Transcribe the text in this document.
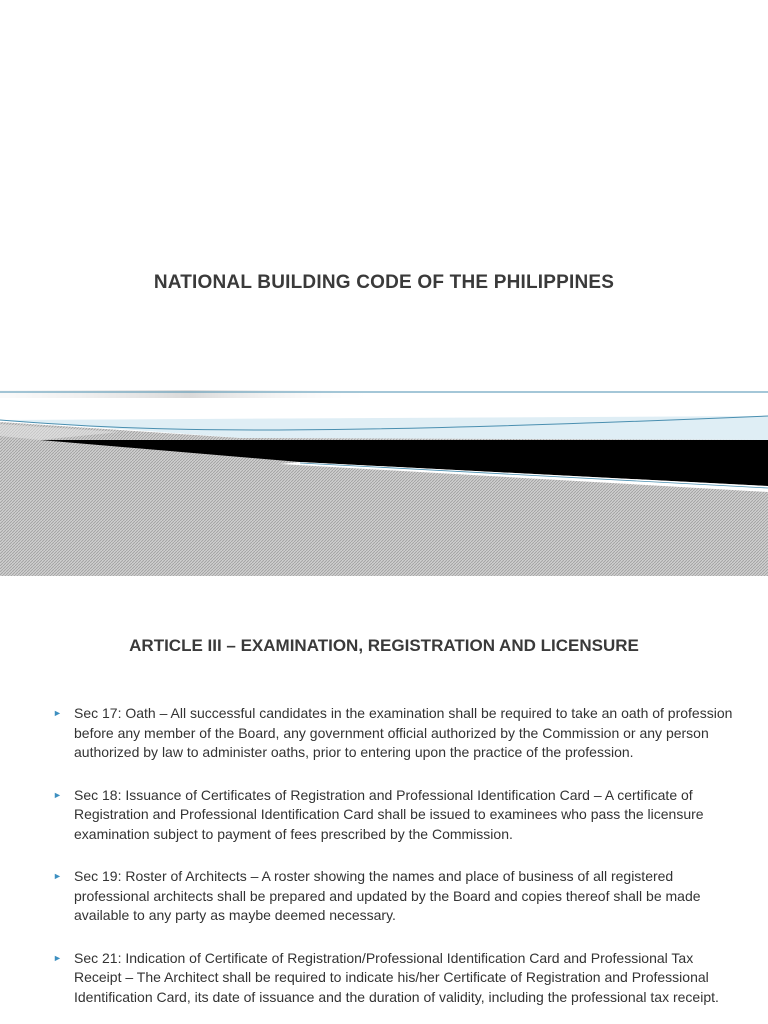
NATIONAL BUILDING CODE OF THE PHILIPPINES
ARTICLE III – EXAMINATION, REGISTRATION AND LICENSURE
► Sec 17: Oath – All successful candidates in the examination shall be required to take an oath of profession before any member of the Board, any government official authorized by the Commission or any person authorized by law to administer oaths, prior to entering upon the practice of the profession.
► Sec 18: Issuance of Certificates of Registration and Professional Identification Card – A certificate of Registration and Professional Identification Card shall be issued to examinees who pass the licensure examination subject to payment of fees prescribed by the Commission.
► Sec 19: Roster of Architects – A roster showing the names and place of business of all registered professional architects shall be prepared and updated by the Board and copies thereof shall be made available to any party as maybe deemed necessary.
► Sec 21: Indication of Certificate of Registration/Professional Identification Card and Professional Tax Receipt – The Architect shall be required to indicate his/her Certificate of Registration and Professional Identification Card, its date of issuance and the duration of validity, including the professional tax receipt.
